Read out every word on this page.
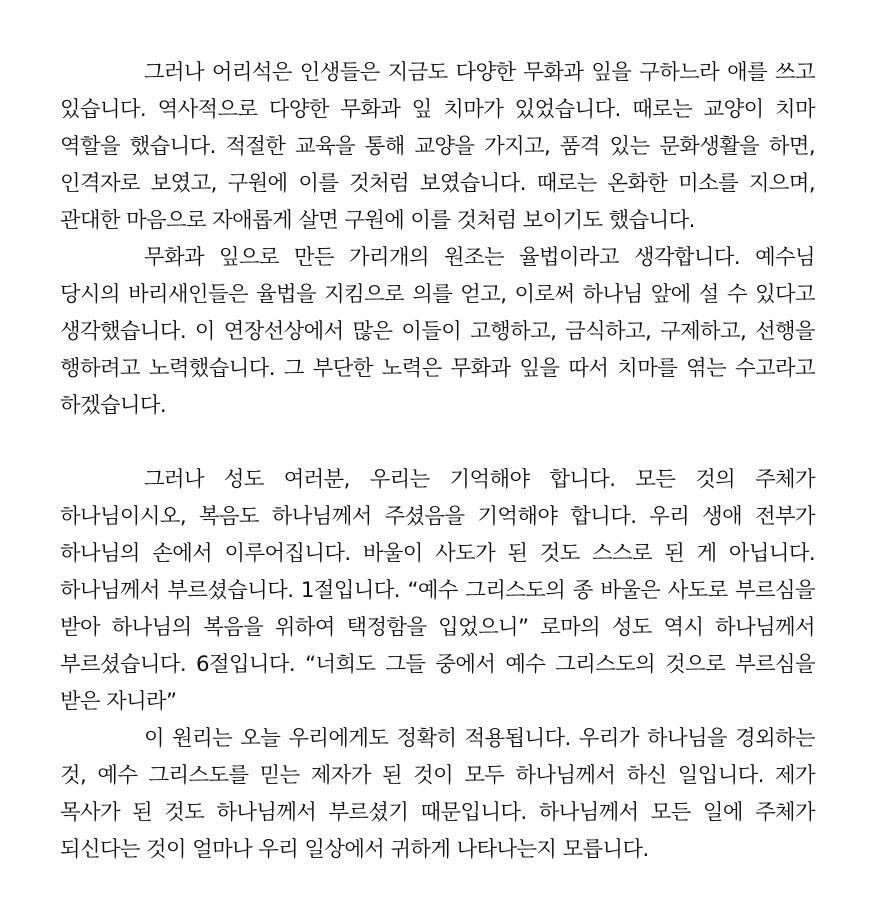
그러나 어리석은 인생들은 지금도 다양한 무화과 잎을 구하느라 애를 쓰고 있습니다. 역사적으로 다양한 무화과 잎 치마가 있었습니다. 때로는 교양이 치마 역할을 했습니다. 적절한 교육을 통해 교양을 가지고, 품격 있는 문화생활을 하면, 인격자로 보였고, 구원에 이를 것처럼 보였습니다. 때로는 온화한 미소를 지으며, 관대한 마음으로 자애롭게 살면 구원에 이를 것처럼 보이기도 했습니다.

무화과 잎으로 만든 가리개의 원조는 율법이라고 생각합니다. 예수님 당시의 바리새인들은 율법을 지킴으로 의를 얻고, 이로써 하나님 앞에 설 수 있다고 생각했습니다. 이 연장선상에서 많은 이들이 고행하고, 금식하고, 구제하고, 선행을 행하려고 노력했습니다. 그 부단한 노력은 무화과 잎을 따서 치마를 엮는 수고라고 하겠습니다.

그러나 성도 여러분, 우리는 기억해야 합니다. 모든 것의 주체가 하나님이시오, 복음도 하나님께서 주셨음을 기억해야 합니다. 우리 생애 전부가 하나님의 손에서 이루어집니다. 바울이 사도가 된 것도 스스로 된 게 아닙니다. 하나님께서 부르셨습니다. 1절입니다. “예수 그리스도의 종 바울은 사도로 부르심을 받아 하나님의 복음을 위하여 택정함을 입었으니” 로마의 성도 역시 하나님께서 부르셨습니다. 6절입니다. “너희도 그들 중에서 예수 그리스도의 것으로 부르심을 받은 자니라”

이 원리는 오늘 우리에게도 정확히 적용됩니다. 우리가 하나님을 경외하는 것, 예수 그리스도를 믿는 제자가 된 것이 모두 하나님께서 하신 일입니다. 제가 목사가 된 것도 하나님께서 부르셨기 때문입니다. 하나님께서 모든 일에 주체가 되신다는 것이 얼마나 우리 일상에서 귀하게 나타나는지 모릅니다.
